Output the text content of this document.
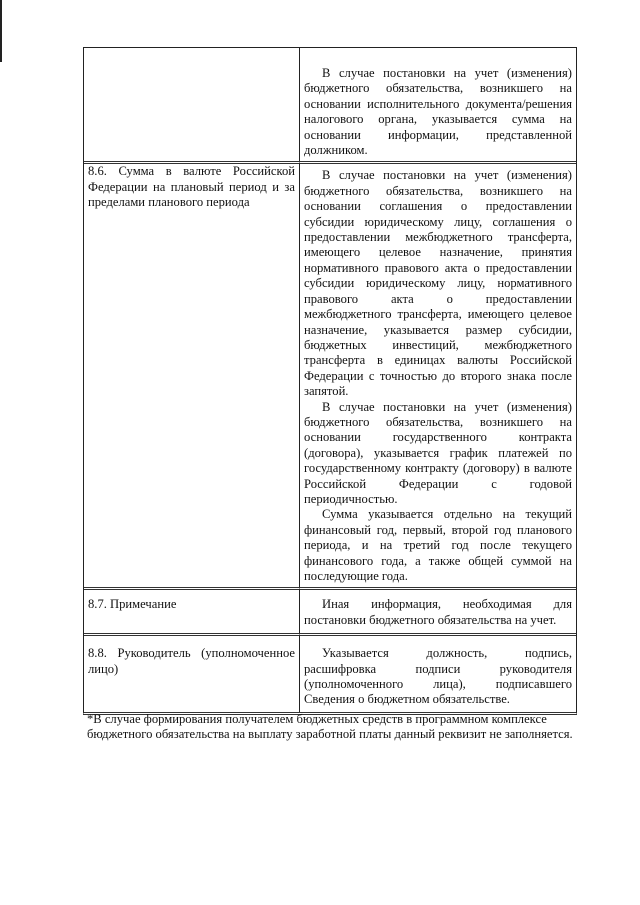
	В случае постановки на учет (изменения) бюджетного обязательства, возникшего на основании исполнительного документа/решения налогового органа, указывается сумма на основании информации, представленной должником.

8.6. Сумма в валюте Российской Федерации на плановый период и за пределами планового периода	В случае постановки на учет (изменения) бюджетного обязательства, возникшего на основании соглашения о предоставлении субсидии юридическому лицу, соглашения о предоставлении межбюджетного трансферта, имеющего целевое назначение, принятия нормативного правового акта о предоставлении субсидии юридическому лицу, нормативного правового акта о предоставлении межбюджетного трансферта, имеющего целевое назначение, указывается размер субсидии, бюджетных инвестиций, межбюджетного трансферта в единицах валюты Российской Федерации с точностью до второго знака после запятой.

В случае постановки на учет (изменения) бюджетного обязательства, возникшего на основании государственного контракта (договора), указывается график платежей по государственному контракту (договору) в валюте Российской Федерации с годовой периодичностью.

Сумма указывается отдельно на текущий финансовый год, первый, второй год планового периода, и на третий год после текущего финансового года, а также общей суммой на последующие года.

8.7. Примечание	Иная информация, необходимая для постановки бюджетного обязательства на учет.

8.8. Руководитель (уполномоченное лицо)	Указывается должность, подпись, расшифровка подписи руководителя (уполномоченного лица), подписавшего Сведения о бюджетном обязательстве.

*В случае формирования получателем бюджетных средств в программном комплексе бюджетного обязательства на выплату заработной платы данный реквизит не заполняется.
